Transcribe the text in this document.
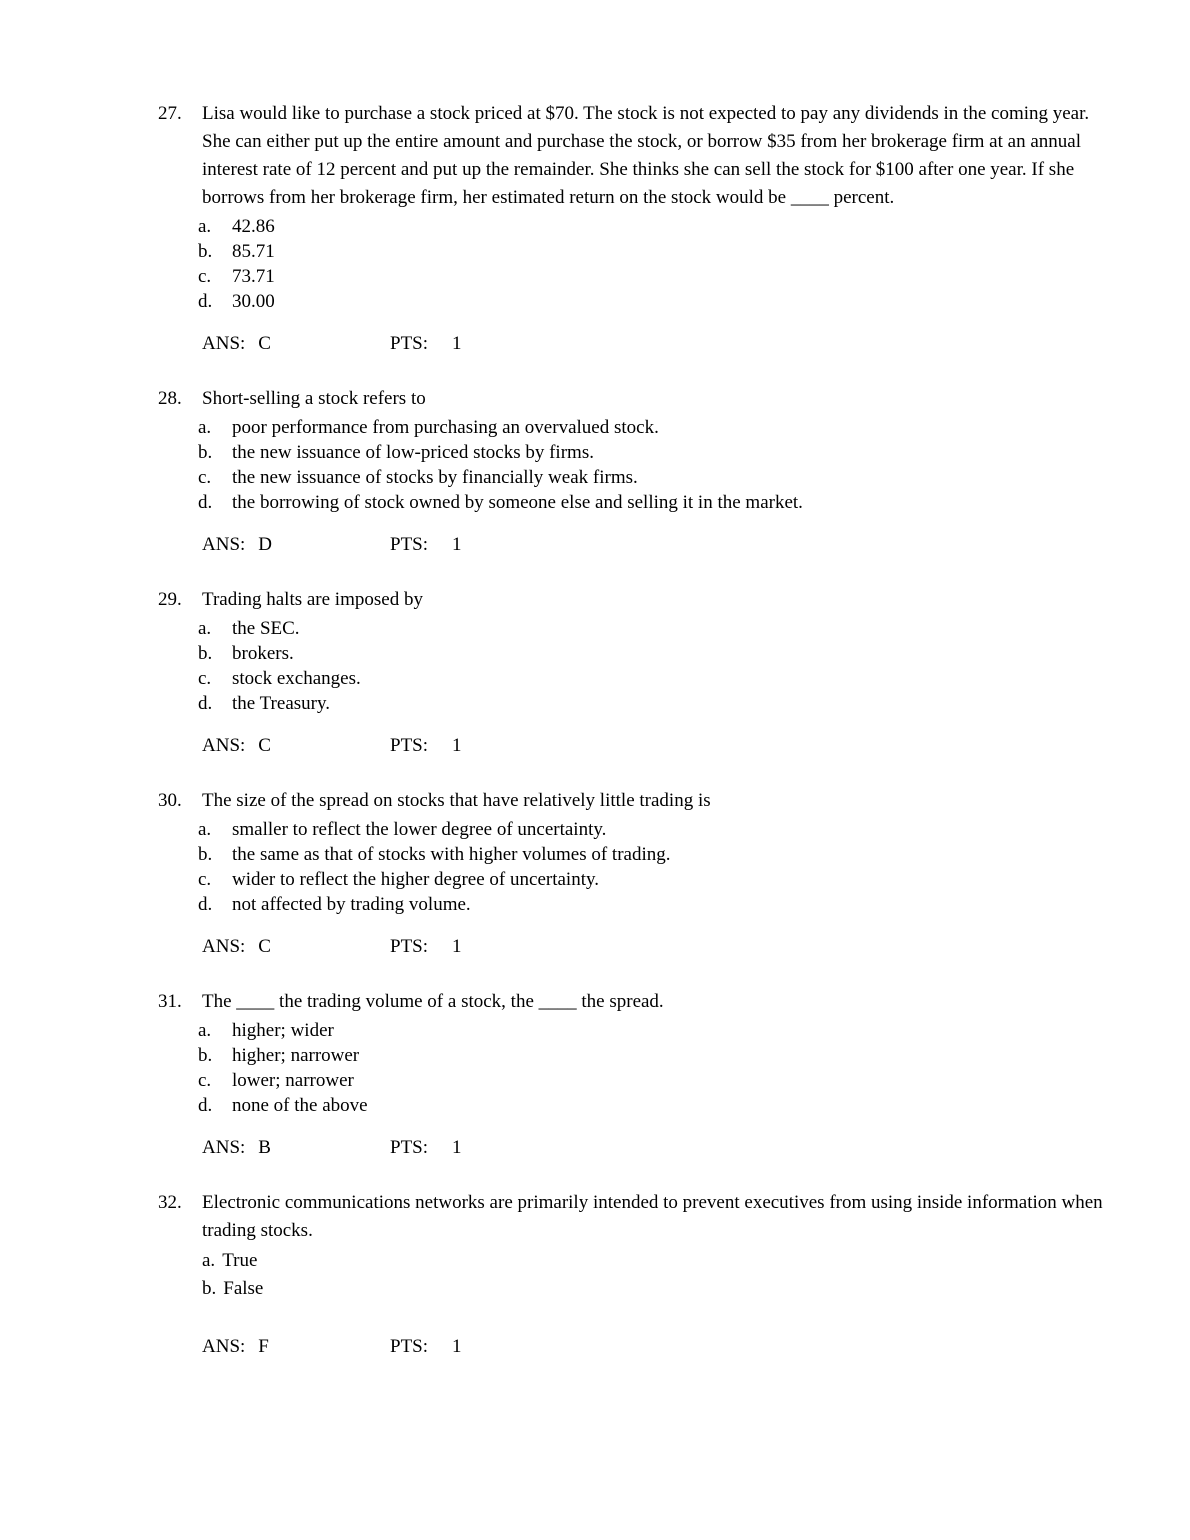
27.	Lisa would like to purchase a stock priced at $70. The stock is not expected to pay any dividends in the coming year. She can either put up the entire amount and purchase the stock, or borrow $35 from her brokerage firm at an annual interest rate of 12 percent and put up the remainder. She thinks she can sell the stock for $100 after one year. If she borrows from her brokerage firm, her estimated return on the stock would be ____ percent.
a.	42.86
b.	85.71
c.	73.71
d.	30.00
ANS: C	PTS: 1
28.	Short-selling a stock refers to
a.	poor performance from purchasing an overvalued stock.
b.	the new issuance of low-priced stocks by firms.
c.	the new issuance of stocks by financially weak firms.
d.	the borrowing of stock owned by someone else and selling it in the market.
ANS: D	PTS: 1
29.	Trading halts are imposed by
a.	the SEC.
b.	brokers.
c.	stock exchanges.
d.	the Treasury.
ANS: C	PTS: 1
30.	The size of the spread on stocks that have relatively little trading is
a.	smaller to reflect the lower degree of uncertainty.
b.	the same as that of stocks with higher volumes of trading.
c.	wider to reflect the higher degree of uncertainty.
d.	not affected by trading volume.
ANS: C	PTS: 1
31.	The ____ the trading volume of a stock, the ____ the spread.
a.	higher; wider
b.	higher; narrower
c.	lower; narrower
d.	none of the above
ANS: B	PTS: 1
32.	Electronic communications networks are primarily intended to prevent executives from using inside information when trading stocks.
a. True
b. False
ANS: F	PTS: 1
